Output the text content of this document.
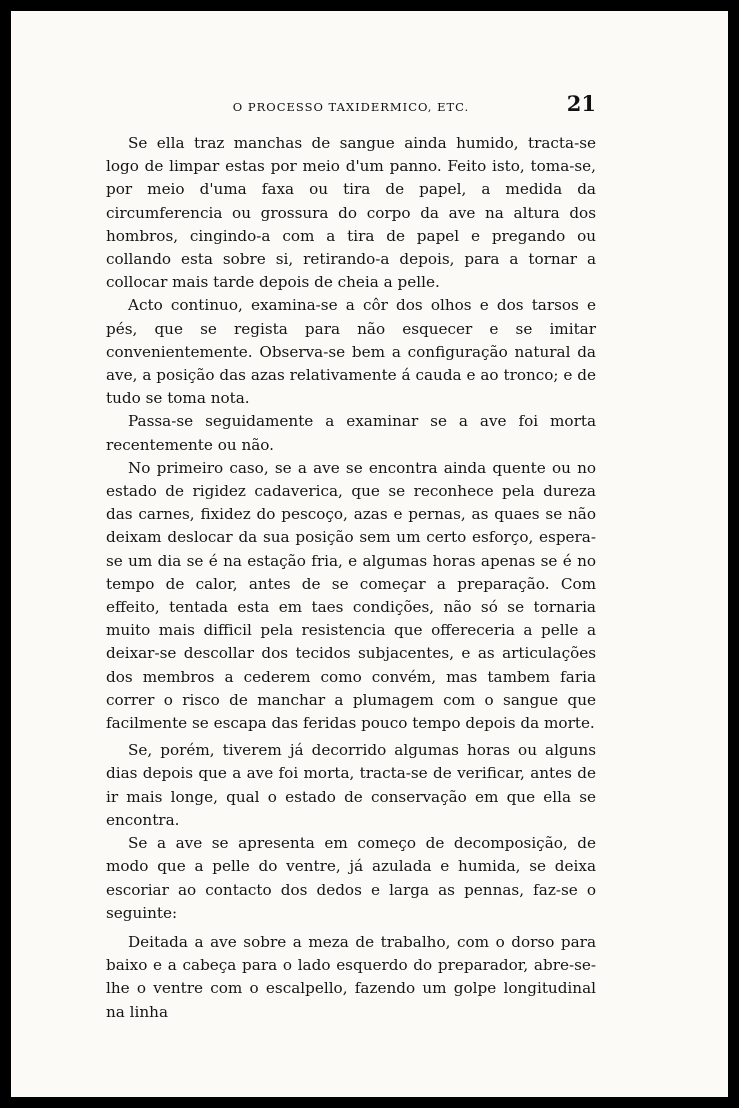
O PROCESSO TAXIDERMICO, ETC.	21

Se ella traz manchas de sangue ainda humido, tracta-se logo de limpar estas por meio d'um panno. Feito isto, toma-se, por meio d'uma faxa ou tira de papel, a medida da circumferencia ou grossura do corpo da ave na altura dos hombros, cingindo-a com a tira de papel e pregando ou collando esta sobre si, retirando-a depois, para a tornar a collocar mais tarde depois de cheia a pelle.

Acto continuo, examina-se a côr dos olhos e dos tarsos e pés, que se regista para não esquecer e se imitar convenientemente. Observa-se bem a configuração natural da ave, a posição das azas relativamente á cauda e ao tronco; e de tudo se toma nota.

Passa-se seguidamente a examinar se a ave foi morta recentemente ou não.

No primeiro caso, se a ave se encontra ainda quente ou no estado de rigidez cadaverica, que se reconhece pela dureza das carnes, fixidez do pescoço, azas e pernas, as quaes se não deixam deslocar da sua posição sem um certo esforço, espera-se um dia se é na estação fria, e algumas horas apenas se é no tempo de calor, antes de se começar a preparação. Com effeito, tentada esta em taes condições, não só se tornaria muito mais difficil pela resistencia que offereceria a pelle a deixar-se descollar dos tecidos subjacentes, e as articulações dos membros a cederem como convém, mas tambem faria correr o risco de manchar a plumagem com o sangue que facilmente se escapa das feridas pouco tempo depois da morte.

Se, porém, tiverem já decorrido algumas horas ou alguns dias depois que a ave foi morta, tracta-se de verificar, antes de ir mais longe, qual o estado de conservação em que ella se encontra.

Se a ave se apresenta em começo de decomposição, de modo que a pelle do ventre, já azulada e humida, se deixa escoriar ao contacto dos dedos e larga as pennas, faz-se o seguinte:

Deitada a ave sobre a meza de trabalho, com o dorso para baixo e a cabeça para o lado esquerdo do preparador, abre-se-lhe o ventre com o escalpello, fazendo um golpe longitudinal na linha
